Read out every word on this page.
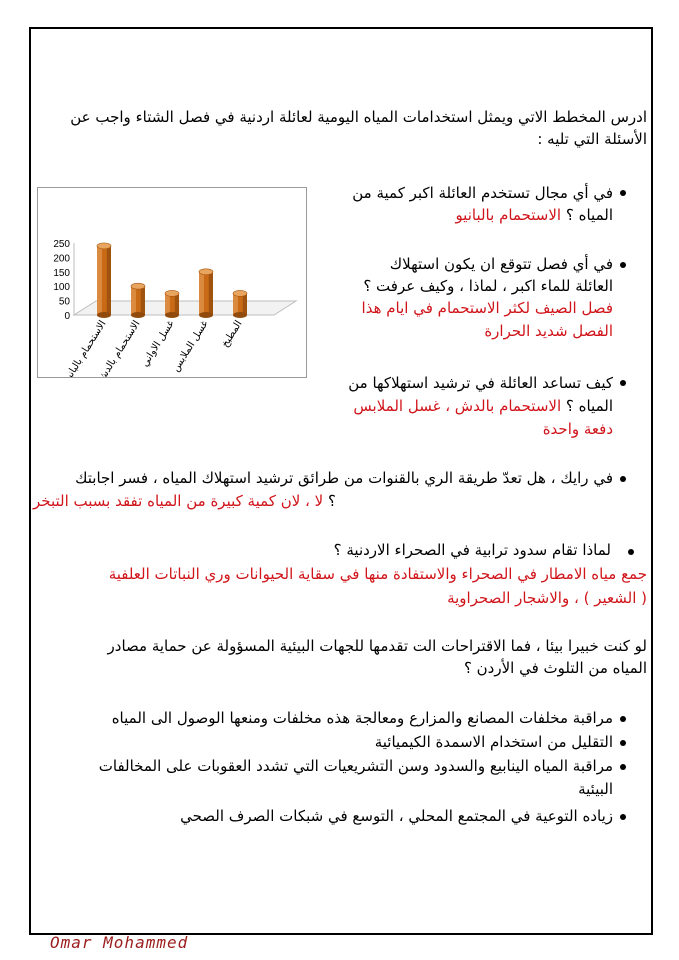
ادرس المخطط الاتي ويمثل استخدامات المياه اليومية لعائلة اردنية في فصل الشتاء واجب عن
الأسئلة التي تليه :
0
50
100
150
200
250
الاستحمام بالبانيو
الاستحمام بالدش
غسل الاواني
غسل الملابس المطبخ
في أي مجال تستخدم العائلة اكبر كمية من
المياه ؟ الاستحمام بالبانيو
في أي فصل تتوقع ان يكون استهلاك
العائلة للماء اكبر ، لماذا ، وكيف عرفت ؟
فصل الصيف لكثر الاستحمام في ايام هذا
الفصل شديد الحرارة
كيف تساعد العائلة في ترشيد استهلاكها من
المياه ؟ الاستحمام بالدش ، غسل الملابس
دفعة واحدة
في رايك ، هل تعدّ طريقة الري بالقنوات من طرائق ترشيد استهلاك المياه ، فسر اجابتك
؟ لا ، لان كمية كبيرة من المياه تفقد بسبب التبخر
لماذا تقام سدود ترابية في الصحراء الاردنية ؟
جمع مياه الامطار في الصحراء والاستفادة منها في سقاية الحيوانات وري النباتات العلفية
( الشعير ) ، والاشجار الصحراوية
لو كنت خبيرا بيئا ، فما الاقتراحات الت تقدمها للجهات البيئية المسؤولة عن حماية مصادر
المياه من التلوث في الأردن ؟
مراقبة مخلفات المصانع والمزارع ومعالجة هذه مخلفات ومنعها الوصول الى المياه
التقليل من استخدام الاسمدة الكيميائية
مراقبة المياه الينابيع والسدود وسن التشريعيات التي تشدد العقوبات على المخالفات
البيئية
زياده التوعية في المجتمع المحلي ، التوسع في شبكات الصرف الصحي
Omar Mohammed
